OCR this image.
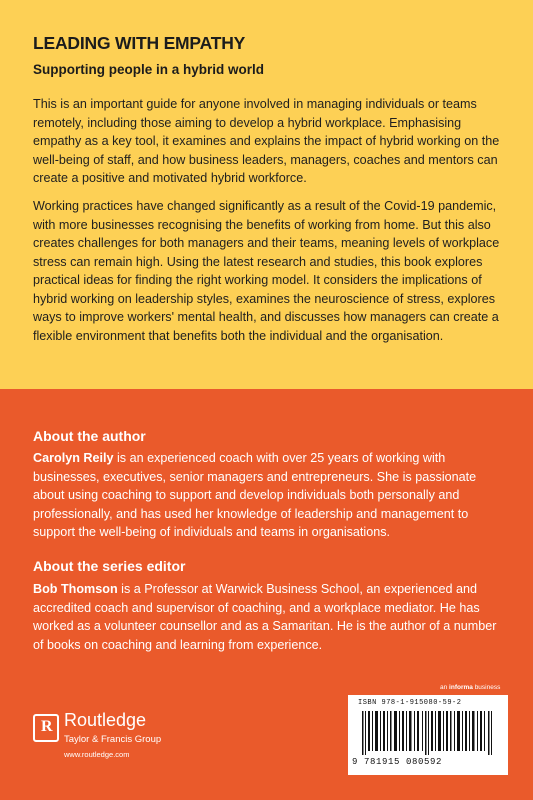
LEADING WITH EMPATHY
Supporting people in a hybrid world

This is an important guide for anyone involved in managing individuals or teams remotely, including those aiming to develop a hybrid workplace. Emphasising empathy as a key tool, it examines and explains the impact of hybrid working on the well-being of staff, and how business leaders, managers, coaches and mentors can create a positive and motivated hybrid workforce.

Working practices have changed significantly as a result of the Covid-19 pandemic, with more businesses recognising the benefits of working from home. But this also creates challenges for both managers and their teams, meaning levels of workplace stress can remain high. Using the latest research and studies, this book explores practical ideas for finding the right working model. It considers the implications of hybrid working on leadership styles, examines the neuroscience of stress, explores ways to improve workers' mental health, and discusses how managers can create a flexible environment that benefits both the individual and the organisation.

About the author

Carolyn Reily is an experienced coach with over 25 years of working with businesses, executives, senior managers and entrepreneurs. She is passionate about using coaching to support and develop individuals both personally and professionally, and has used her knowledge of leadership and management to support the well-being of individuals and teams in organisations.

About the series editor

Bob Thomson is a Professor at Warwick Business School, an experienced and accredited coach and supervisor of coaching, and a workplace mediator. He has worked as a volunteer counsellor and as a Samaritan. He is the author of a number of books on coaching and learning from experience.

R Routledge
Taylor & Francis Group
www.routledge.com
an informa business
ISBN 978-1-915080-59-2
9 781915 080592
